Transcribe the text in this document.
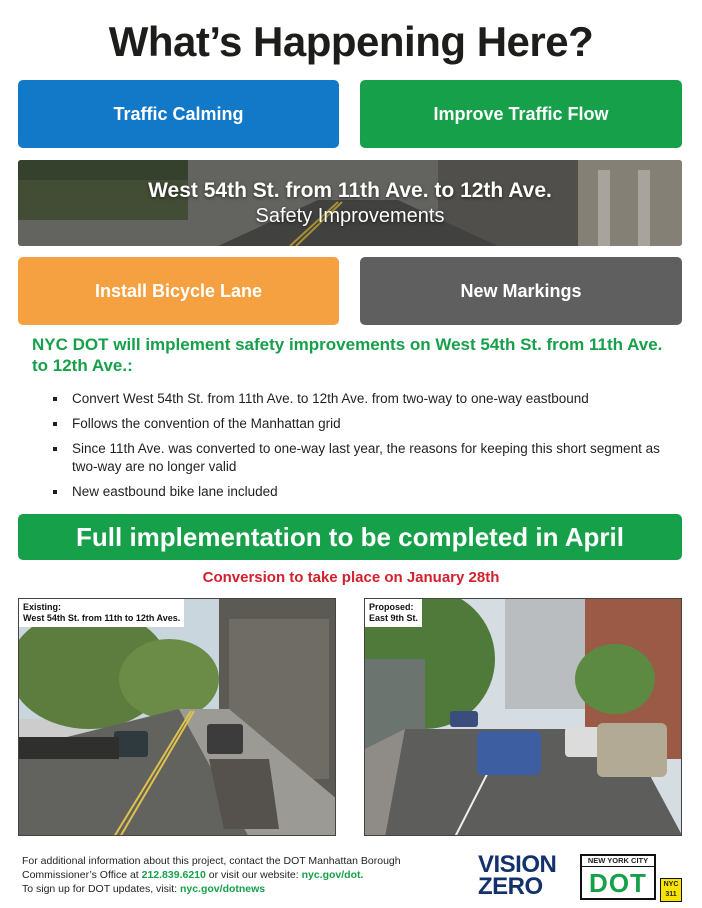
What’s Happening Here?
Traffic Calming	Improve Traffic Flow
West 54th St. from 11th Ave. to 12th Ave.
Safety Improvements
Install Bicycle Lane	New Markings
NYC DOT will implement safety improvements on West 54th St. from 11th Ave. to 12th Ave.:
Convert West 54th St. from 11th Ave. to 12th Ave. from two-way to one-way eastbound
Follows the convention of the Manhattan grid
Since 11th Ave. was converted to one-way last year, the reasons for keeping this short segment as two-way are no longer valid
New eastbound bike lane included
Full implementation to be completed in April
Conversion to take place on January 28th
Existing:
West 54th St. from 11th to 12th Aves.
Proposed:
East 9th St.
For additional information about this project, contact the DOT Manhattan Borough
Commissioner’s Office at 212.839.6210 or visit our website: nyc.gov/dot.
To sign up for DOT updates, visit: nyc.gov/dotnews
VISION
ZERO
NEW YORK CITY
DOT	NYC
311
